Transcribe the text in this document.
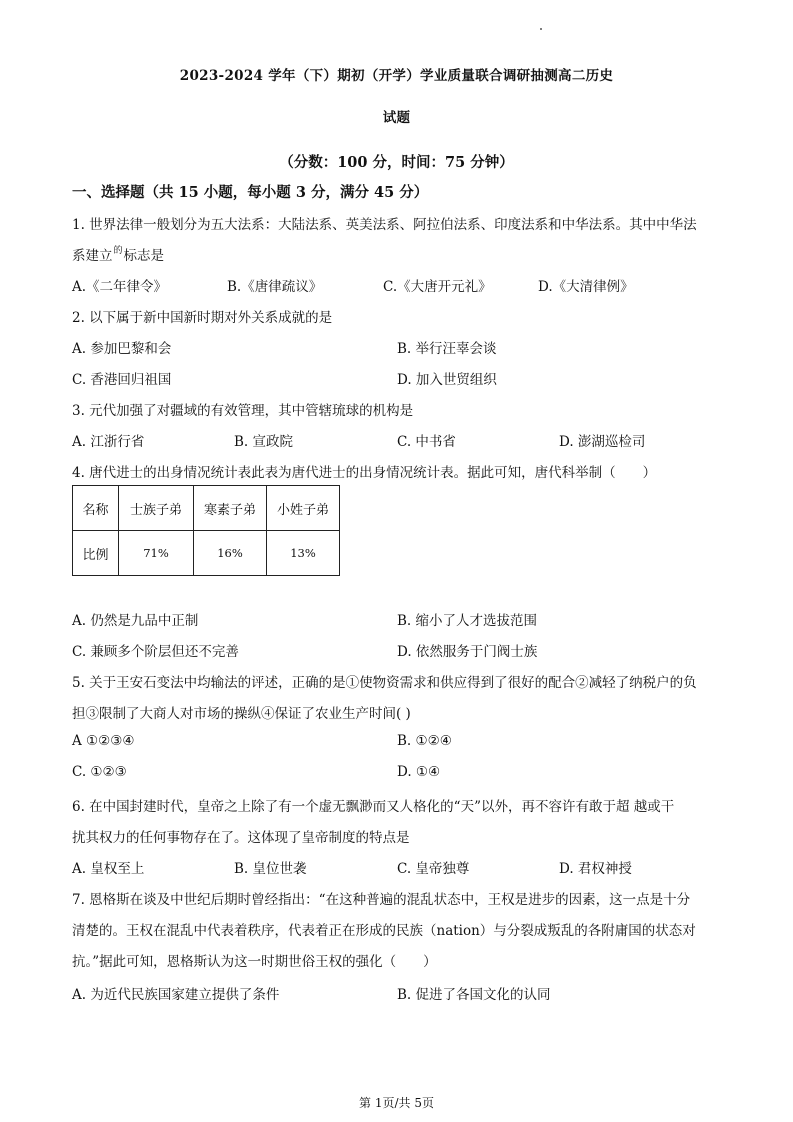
2023-2024 学年（下）期初（开学）学业质量联合调研抽测高二历史
试题
（分数：100 分，时间：75 分钟）
一、选择题（共 15 小题，每小题 3 分，满分 45 分）
1. 世界法律一般划分为五大法系：大陆法系、英美法系、阿拉伯法系、印度法系和中华法系。其中中华法
系建立$^的$标志是
A.《二年律令》	B.《唐律疏议》	C.《大唐开元礼》	D.《大清律例》
2. 以下属于新中国新时期对外关系成就的是
A. 参加巴黎和会	B. 举行汪辜会谈
C. 香港回归祖国	D. 加入世贸组织
3. 元代加强了对疆域的有效管理，其中管辖琉球的机构是
A. 江浙行省	B. 宣政院	C. 中书省	D. 澎湖巡检司
4. 唐代进士的出身情况统计表此表为唐代进士的出身情况统计表。据此可知，唐代科举制（　　）
名称	士族子弟	寒素子弟	小姓子弟
比例	71%	16%	13%
A. 仍然是九品中正制	B. 缩小了人才选拔范围
C. 兼顾多个阶层但还不完善	D. 依然服务于门阀士族
5. 关于王安石变法中均输法的评述，正确的是①使物资需求和供应得到了很好的配合②减轻了纳税户的负
担③限制了大商人对市场的操纵④保证了农业生产时间( )
A ①②③④	B. ①②④
C. ①②③	D. ①④
6. 在中国封建时代，皇帝之上除了有一个虚无飘渺而又人格化的“天”以外，再不容许有敢于超 越或干
扰其权力的任何事物存在了。这体现了皇帝制度的特点是
A. 皇权至上	B. 皇位世袭	C. 皇帝独尊	D. 君权神授
7. 恩格斯在谈及中世纪后期时曾经指出：“在这种普遍的混乱状态中，王权是进步的因素，这一点是十分
清楚的。王权在混乱中代表着秩序，代表着正在形成的民族（nation）与分裂成叛乱的各附庸国的状态对
抗。”据此可知，恩格斯认为这一时期世俗王权的强化（　　）
A. 为近代民族国家建立提供了条件	B. 促进了各国文化的认同
第 1页/共 5页
